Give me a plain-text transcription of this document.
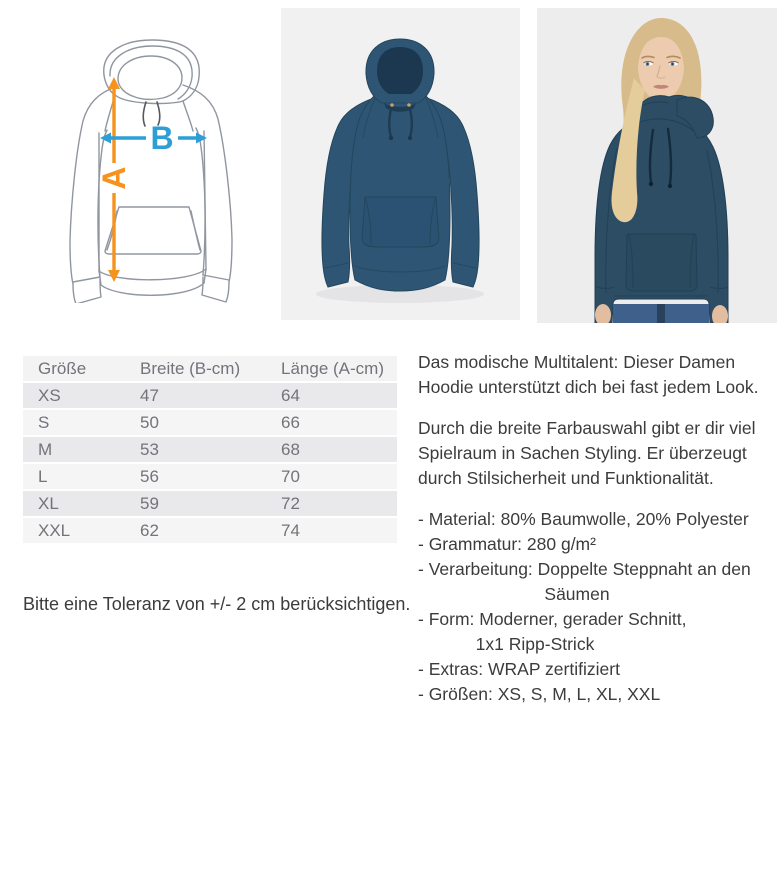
A
B
Größe	Breite (B-cm)	Länge (A-cm)
XS	47	64
S	50	66
M	53	68
L	56	70
XL	59	72
XXL	62	74

Bitte eine Toleranz von +/- 2 cm berücksichtigen.

Das modische Multitalent: Dieser Damen
Hoodie unterstützt dich bei fast jedem Look.
Durch die breite Farbauswahl gibt er dir viel
Spielraum in Sachen Styling. Er überzeugt
durch Stilsicherheit und Funktionalität.
- Material: 80% Baumwolle, 20% Polyester
- Grammatur: 280 g/m²
- Verarbeitung: Doppelte Steppnaht an den
Säumen
- Form: Moderner, gerader Schnitt,
1x1 Ripp-Strick
- Extras: WRAP zertifiziert
- Größen: XS, S, M, L, XL, XXL
